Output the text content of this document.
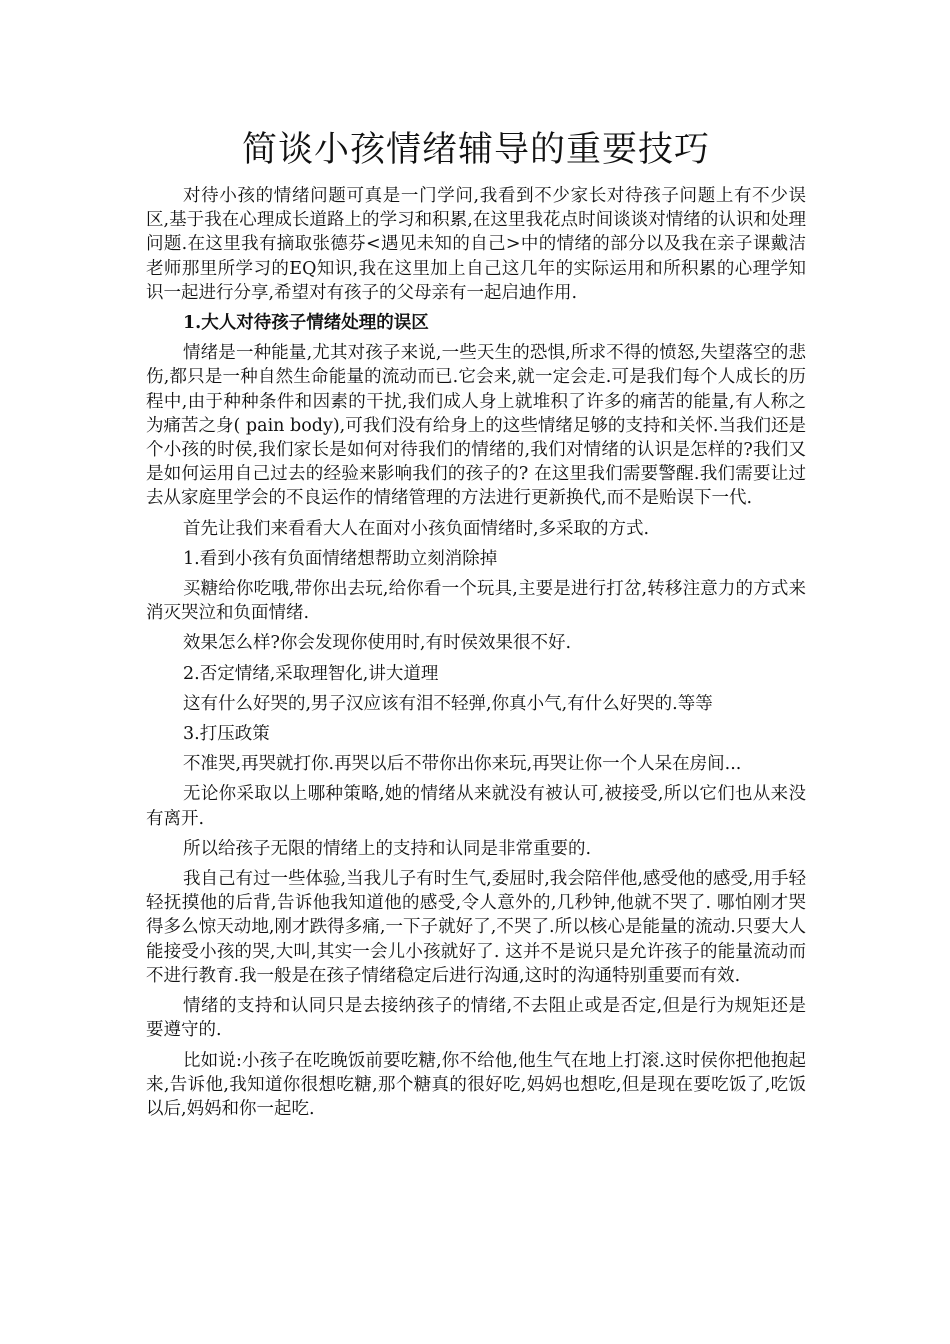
简谈小孩情绪辅导的重要技巧

对待小孩的情绪问题可真是一门学问,我看到不少家长对待孩子问题上有不少误区,基于我在心理成长道路上的学习和积累,在这里我花点时间谈谈对情绪的认识和处理问题.在这里我有摘取张德芬<遇见未知的自己>中的情绪的部分以及我在亲子课戴洁老师那里所学习的EQ知识,我在这里加上自己这几年的实际运用和所积累的心理学知识一起进行分享,希望对有孩子的父母亲有一起启迪作用.

1.大人对待孩子情绪处理的误区

情绪是一种能量,尤其对孩子来说,一些天生的恐惧,所求不得的愤怒,失望落空的悲伤,都只是一种自然生命能量的流动而已.它会来,就一定会走.可是我们每个人成长的历程中,由于种种条件和因素的干扰,我们成人身上就堆积了许多的痛苦的能量,有人称之为痛苦之身( pain body),可我们没有给身上的这些情绪足够的支持和关怀.当我们还是个小孩的时侯,我们家长是如何对待我们的情绪的,我们对情绪的认识是怎样的?我们又是如何运用自己过去的经验来影响我们的孩子的? 在这里我们需要警醒.我们需要让过去从家庭里学会的不良运作的情绪管理的方法进行更新换代,而不是贻误下一代.

首先让我们来看看大人在面对小孩负面情绪时,多采取的方式.

1.看到小孩有负面情绪想帮助立刻消除掉

买糖给你吃哦,带你出去玩,给你看一个玩具,主要是进行打岔,转移注意力的方式来消灭哭泣和负面情绪.

效果怎么样?你会发现你使用时,有时侯效果很不好.

2.否定情绪,采取理智化,讲大道理

这有什么好哭的,男子汉应该有泪不轻弹,你真小气,有什么好哭的.等等

3.打压政策

不准哭,再哭就打你.再哭以后不带你出你来玩,再哭让你一个人呆在房间...

无论你采取以上哪种策略,她的情绪从来就没有被认可,被接受,所以它们也从来没有离开.

所以给孩子无限的情绪上的支持和认同是非常重要的.

我自己有过一些体验,当我儿子有时生气,委屈时,我会陪伴他,感受他的感受,用手轻轻抚摸他的后背,告诉他我知道他的感受,令人意外的,几秒钟,他就不哭了. 哪怕刚才哭得多么惊天动地,刚才跌得多痛,一下子就好了,不哭了.所以核心是能量的流动.只要大人能接受小孩的哭,大叫,其实一会儿小孩就好了. 这并不是说只是允许孩子的能量流动而不进行教育.我一般是在孩子情绪稳定后进行沟通,这时的沟通特别重要而有效.

情绪的支持和认同只是去接纳孩子的情绪,不去阻止或是否定,但是行为规矩还是要遵守的.

比如说:小孩子在吃晚饭前要吃糖,你不给他,他生气在地上打滚.这时侯你把他抱起来,告诉他,我知道你很想吃糖,那个糖真的很好吃,妈妈也想吃,但是现在要吃饭了,吃饭以后,妈妈和你一起吃.
